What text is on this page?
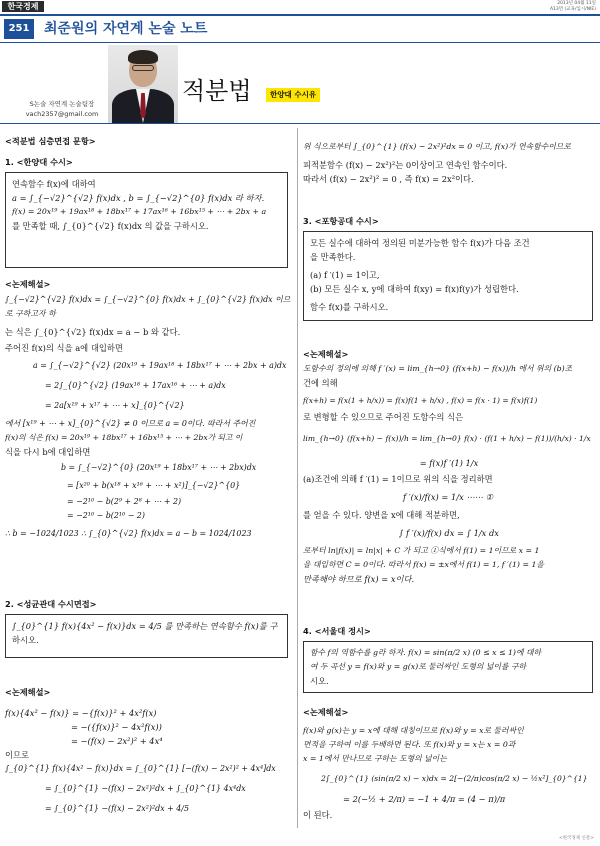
한국경제	2013년 04월 11일
A13면 (교육/입시/NIE)
251	최준원의 자연계 논술 노트
S논술 자연계 논술팀장
vach2357@gmail.com
적분법	한양대 수시유
<적분법 심층면접 문항>
1. <한양대 수시>
연속함수 f(x)에 대하여
a = ∫_{−√2}^{√2} f(x)dx , b = ∫_{−√2}^{0} f(x)dx 라 하자.
f(x) = 20x¹⁹ + 19ax¹⁸ + 18bx¹⁷ + 17ax¹⁶ + 16bx¹⁵ + ⋯ + 2bx + a
를 만족할 때, ∫_{0}^{√2} f(x)dx 의 값을 구하시오.
<논제해설>
∫_{−√2}^{√2} f(x)dx = ∫_{−√2}^{0} f(x)dx + ∫_{0}^{√2} f(x)dx 이므로 구하고자 하
는 식은 ∫_{0}^{√2} f(x)dx = a − b 와 같다.
주어진 f(x)의 식을 a에 대입하면
a = ∫_{−√2}^{√2} (20x¹⁹ + 19ax¹⁸ + 18bx¹⁷ + ⋯ + 2bx + a)dx
= 2∫_{0}^{√2} (19ax¹⁸ + 17ax¹⁶ + ⋯ + a)dx
= 2a[x¹⁹ + x¹⁷ + ⋯ + x]_{0}^{√2}
에서 [x¹⁹ + ⋯ + x]_{0}^{√2} ≠ 0 이므로 a = 0이다. 따라서 주어진
f(x)의 식은 f(x) = 20x¹⁹ + 18bx¹⁷ + 16bx¹⁵ + ⋯ + 2bx가 되고 이
식을 다시 b에 대입하면
b = ∫_{−√2}^{0} (20x¹⁹ + 18bx¹⁷ + ⋯ + 2bx)dx
= [x²⁰ + b(x¹⁸ + x¹⁶ + ⋯ + x²)]_{−√2}^{0}
= −2¹⁰ − b(2⁹ + 2⁸ + ⋯ + 2)
= −2¹⁰ − b(2¹⁰ − 2)
∴ b = −1024/1023 ∴ ∫_{0}^{√2} f(x)dx = a − b = 1024/1023
2. <성균관대 수시면접>
∫_{0}^{1} f(x){4x² − f(x)}dx = 4/5 를 만족하는 연속함수 f(x)를 구
하시오.
<논제해설>
f(x){4x² − f(x)} = −{f(x)}² + 4x²f(x)
= −({f(x)}² − 4x²f(x))
= −(f(x) − 2x²)² + 4x⁴
이므로
∫_{0}^{1} f(x){4x² − f(x)}dx = ∫_{0}^{1} [−(f(x) − 2x²)² + 4x⁴]dx
= ∫_{0}^{1} −(f(x) − 2x²)²dx + ∫_{0}^{1} 4x⁴dx
= ∫_{0}^{1} −(f(x) − 2x²)²dx + 4/5
위 식으로부터 ∫_{0}^{1} (f(x) − 2x²)²dx = 0 이고, f(x)가 연속함수이므로
피적분함수 (f(x) − 2x²)²는 0이상이고 연속인 함수이다.
따라서 (f(x) − 2x²)² = 0 , 즉 f(x) = 2x²이다.
3. <포항공대 수시>
모든 실수에 대하여 정의된 미분가능한 함수 f(x)가 다음 조건
을 만족한다.
(a) f ′(1) = 1이고,
(b) 모든 실수 x, y에 대하여 f(xy) = f(x)f(y)가 성립한다.
함수 f(x)를 구하시오.
<논제해설>
도함수의 정의에 의해 f ′(x) = lim_{h→0} (f(x+h) − f(x))/h 에서 위의 (b)조
건에 의해
f(x+h) = f(x(1 + h/x)) = f(x)f(1 + h/x) , f(x) = f(x · 1) = f(x)f(1)
로 변형할 수 있으므로 주어진 도함수의 식은
lim_{h→0} (f(x+h) − f(x))/h = lim_{h→0} f(x) · (f(1 + h/x) − f(1))/(h/x) · 1/x
= f(x)f ′(1) 1/x
(a)조건에 의해 f ′(1) = 1이므로 위의 식을 정리하면
f ′(x)/f(x) = 1/x ⋯⋯ ①
를 얻을 수 있다. 양변을 x에 대해 적분하면,
∫ f ′(x)/f(x) dx = ∫ 1/x dx
로부터 ln|f(x)| = ln|x| + C 가 되고 ①식에서 f(1) = 1이므로 x = 1
을 대입하면 C = 0이다. 따라서 f(x) = ±x에서 f(1) = 1, f ′(1) = 1을
만족해야 하므로 f(x) = x이다.
4. <서울대 정시>
함수 f의 역함수를 g라 하자. f(x) = sin(π/2 x) (0 ≤ x ≤ 1)에 대하
여 두 곡선 y = f(x)와 y = g(x)로 둘러싸인 도형의 넓이를 구하
시오.
<논제해설>
f(x)와 g(x)는 y = x에 대해 대칭이므로 f(x)와 y = x로 둘러싸인
면적을 구하여 이를 두배하면 된다. 또 f(x)와 y = x는 x = 0과
x = 1에서 만나므로 구하는 도형의 넓이는
2∫_{0}^{1} (sin(π/2 x) − x)dx = 2[−(2/π)cos(π/2 x) − ½x²]_{0}^{1}
= 2(−½ + 2/π) = −1 + 4/π = (4 − π)/π
이 된다.
<한국경제 신문>
